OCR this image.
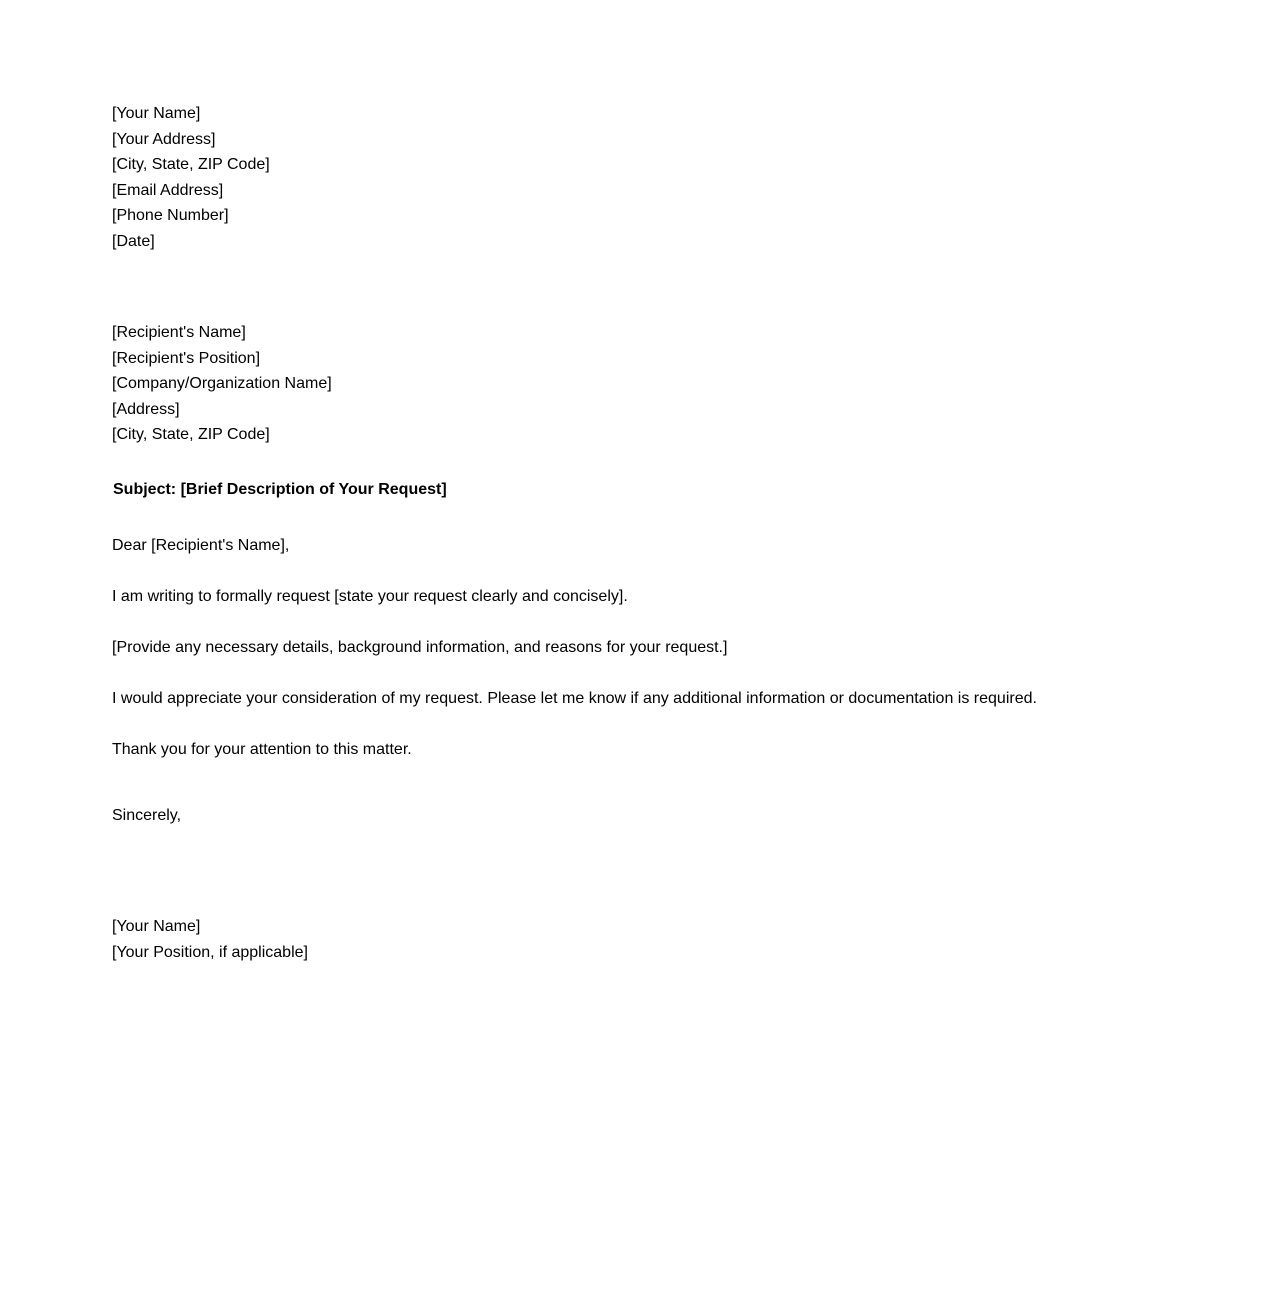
[Your Name]
[Your Address]
[City, State, ZIP Code]
[Email Address]
[Phone Number]
[Date]
[Recipient's Name]
[Recipient's Position]
[Company/Organization Name]
[Address]
[City, State, ZIP Code]
Subject: [Brief Description of Your Request]
Dear [Recipient's Name],
I am writing to formally request [state your request clearly and concisely].
[Provide any necessary details, background information, and reasons for your request.]
I would appreciate your consideration of my request. Please let me know if any additional information or documentation is required.
Thank you for your attention to this matter.
Sincerely,
[Your Name]
[Your Position, if applicable]
